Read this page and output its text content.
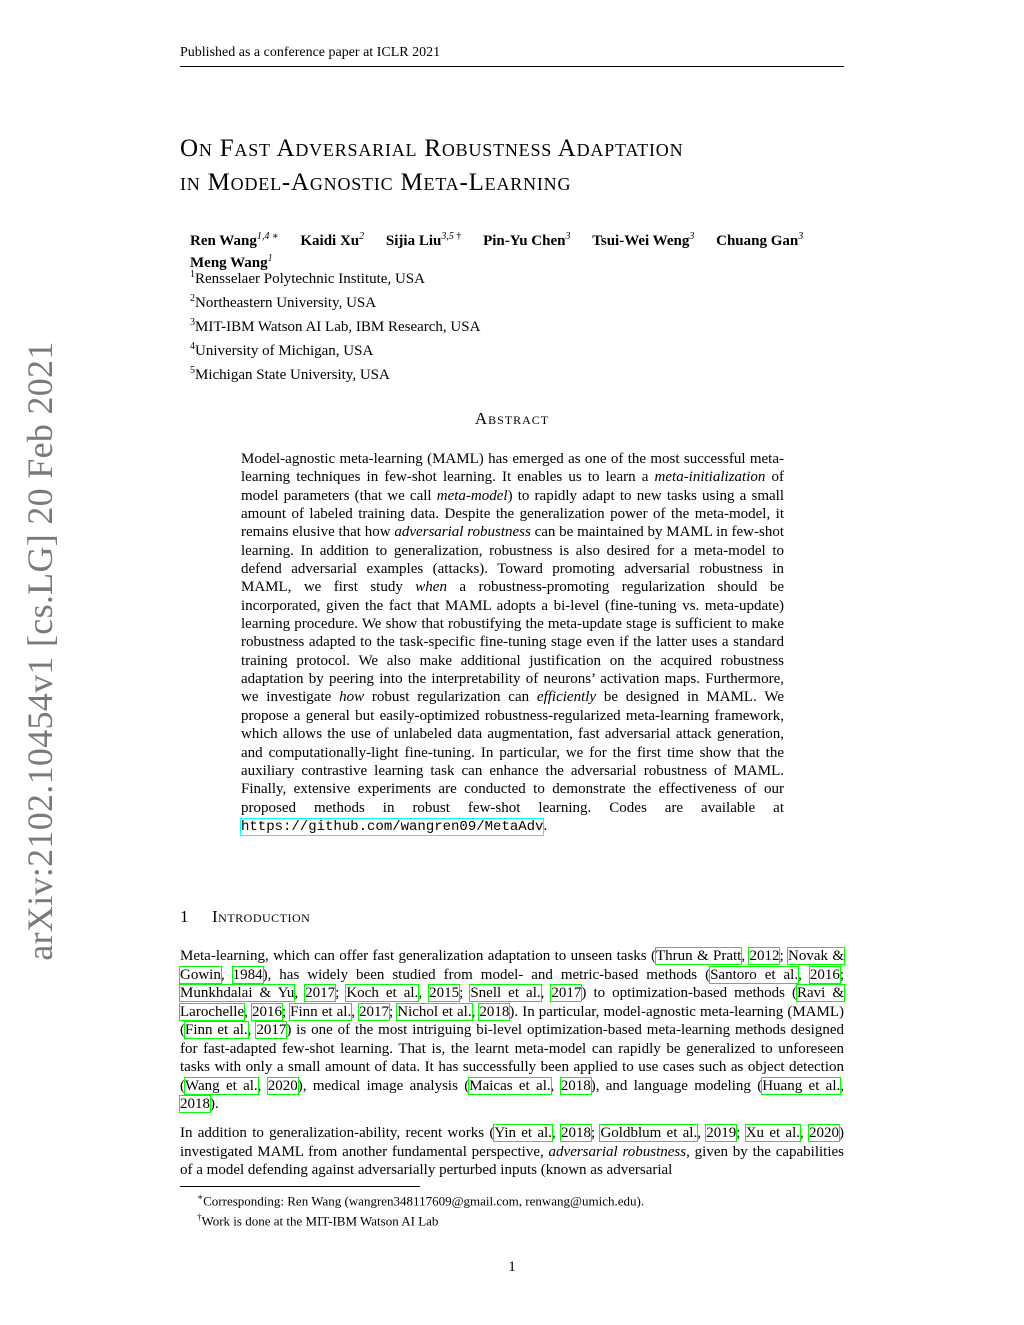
Published as a conference paper at ICLR 2021
arXiv:2102.10454v1 [cs.LG] 20 Feb 2021
On Fast Adversarial Robustness Adaptation
in Model-Agnostic Meta-Learning
Ren Wang$^{1,4 ∗}$ Kaidi Xu$^2$ Sijia Liu$^{3,5 \dagger}$ Pin-Yu Chen$^3$ Tsui-Wei Weng$^3$ Chuang Gan$^3$
Meng Wang$^1$
$^1$Rensselaer Polytechnic Institute, USA
$^2$Northeastern University, USA
$^3$MIT-IBM Watson AI Lab, IBM Research, USA
$^4$University of Michigan, USA
$^5$Michigan State University, USA
Abstract
Model-agnostic meta-learning (MAML) has emerged as one of the most successful meta-learning techniques in few-shot learning. It enables us to learn a meta-initialization of model parameters (that we call meta-model) to rapidly adapt to new tasks using a small amount of labeled training data. Despite the generalization power of the meta-model, it remains elusive that how adversarial robustness can be maintained by MAML in few-shot learning. In addition to generalization, robustness is also desired for a meta-model to defend adversarial examples (attacks). Toward promoting adversarial robustness in MAML, we first study when a robustness-promoting regularization should be incorporated, given the fact that MAML adopts a bi-level (fine-tuning vs. meta-update) learning procedure. We show that robustifying the meta-update stage is sufficient to make robustness adapted to the task-specific fine-tuning stage even if the latter uses a standard training protocol. We also make additional justification on the acquired robustness adaptation by peering into the interpretability of neurons’ activation maps. Furthermore, we investigate how robust regularization can efficiently be designed in MAML. We propose a general but easily-optimized robustness-regularized meta-learning framework, which allows the use of unlabeled data augmentation, fast adversarial attack generation, and computationally-light fine-tuning. In particular, we for the first time show that the auxiliary contrastive learning task can enhance the adversarial robustness of MAML. Finally, extensive experiments are conducted to demonstrate the effectiveness of our proposed methods in robust few-shot learning. Codes are available at https://github.com/wangren09/MetaAdv.
1 Introduction
Meta-learning, which can offer fast generalization adaptation to unseen tasks (Thrun & Pratt, 2012; Novak & Gowin, 1984), has widely been studied from model- and metric-based methods (Santoro et al., 2016; Munkhdalai & Yu, 2017; Koch et al., 2015; Snell et al., 2017) to optimization-based methods (Ravi & Larochelle, 2016; Finn et al., 2017; Nichol et al., 2018). In particular, model-agnostic meta-learning (MAML) (Finn et al., 2017) is one of the most intriguing bi-level optimization-based meta-learning methods designed for fast-adapted few-shot learning. That is, the learnt meta-model can rapidly be generalized to unforeseen tasks with only a small amount of data. It has successfully been applied to use cases such as object detection (Wang et al., 2020), medical image analysis (Maicas et al., 2018), and language modeling (Huang et al., 2018).
In addition to generalization-ability, recent works (Yin et al., 2018; Goldblum et al., 2019; Xu et al., 2020) investigated MAML from another fundamental perspective, adversarial robustness, given by the capabilities of a model defending against adversarially perturbed inputs (known as adversarial
∗Corresponding: Ren Wang (wangren348117609@gmail.com, renwang@umich.edu).
†Work is done at the MIT-IBM Watson AI Lab
1
